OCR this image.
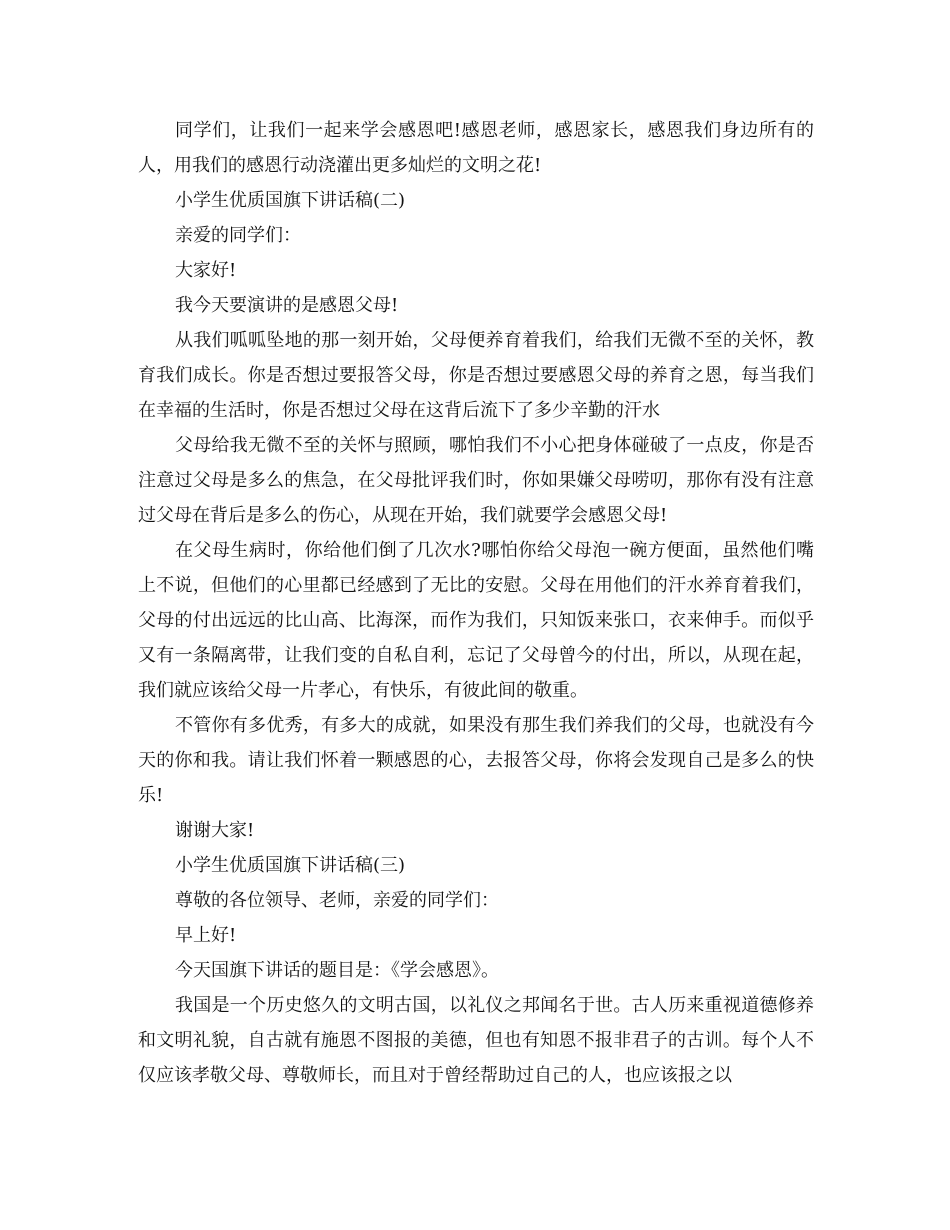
同学们，让我们一起来学会感恩吧!感恩老师，感恩家长，感恩我们身边所有的人，用我们的感恩行动浇灌出更多灿烂的文明之花!

小学生优质国旗下讲话稿(二)

亲爱的同学们：

大家好!

我今天要演讲的是感恩父母!

从我们呱呱坠地的那一刻开始，父母便养育着我们，给我们无微不至的关怀，教育我们成长。你是否想过要报答父母，你是否想过要感恩父母的养育之恩，每当我们在幸福的生活时，你是否想过父母在这背后流下了多少辛勤的汗水

父母给我无微不至的关怀与照顾，哪怕我们不小心把身体碰破了一点皮，你是否注意过父母是多么的焦急，在父母批评我们时，你如果嫌父母唠叨，那你有没有注意过父母在背后是多么的伤心，从现在开始，我们就要学会感恩父母!

在父母生病时，你给他们倒了几次水?哪怕你给父母泡一碗方便面，虽然他们嘴上不说，但他们的心里都已经感到了无比的安慰。父母在用他们的汗水养育着我们，父母的付出远远的比山高、比海深，而作为我们，只知饭来张口，衣来伸手。而似乎又有一条隔离带，让我们变的自私自利，忘记了父母曾今的付出，所以，从现在起，我们就应该给父母一片孝心，有快乐，有彼此间的敬重。

不管你有多优秀，有多大的成就，如果没有那生我们养我们的父母，也就没有今天的你和我。请让我们怀着一颗感恩的心，去报答父母，你将会发现自己是多么的快乐!

谢谢大家!

小学生优质国旗下讲话稿(三)

尊敬的各位领导、老师，亲爱的同学们：

早上好!

今天国旗下讲话的题目是：《学会感恩》。

我国是一个历史悠久的文明古国，以礼仪之邦闻名于世。古人历来重视道德修养和文明礼貌，自古就有施恩不图报的美德，但也有知恩不报非君子的古训。每个人不仅应该孝敬父母、尊敬师长，而且对于曾经帮助过自己的人，也应该报之以
